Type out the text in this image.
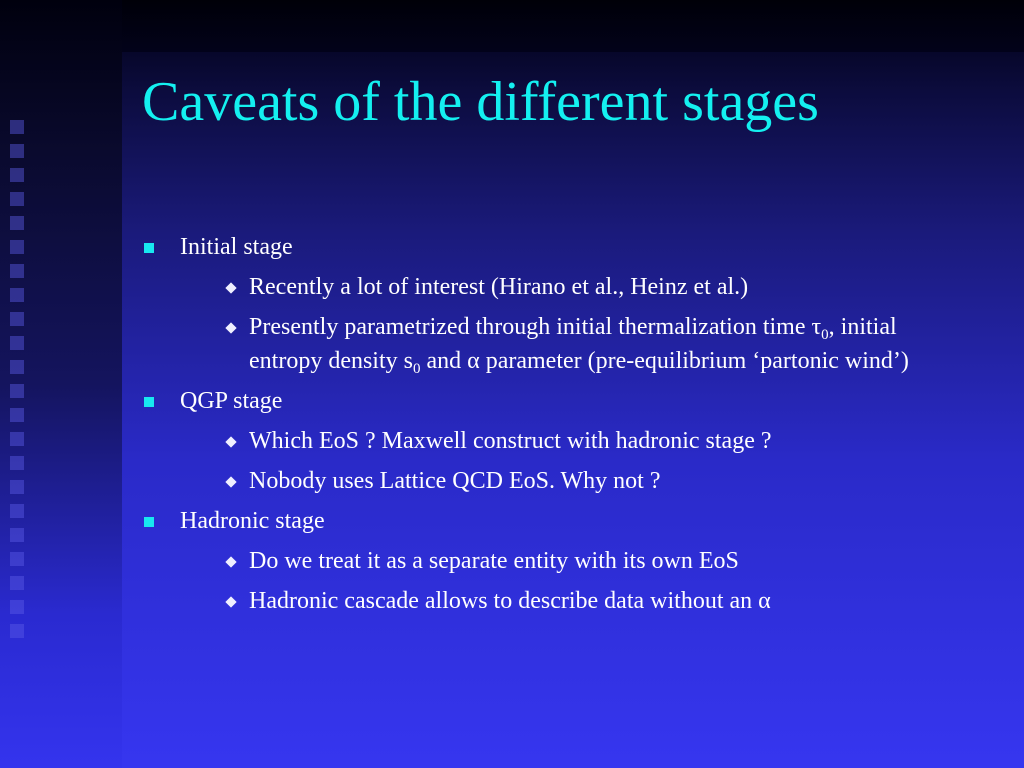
Caveats of the different stages
Initial stage
Recently a lot of interest (Hirano et al., Heinz et al.)
Presently parametrized through initial thermalization time $\tau_0$, initial entropy density $s_0$ and α parameter (pre-equilibrium ‘partonic wind’)
QGP stage
Which EoS ? Maxwell construct with hadronic stage ?
Nobody uses Lattice QCD EoS. Why not ?
Hadronic stage
Do we treat it as a separate entity with its own EoS
Hadronic cascade allows to describe data without an α
